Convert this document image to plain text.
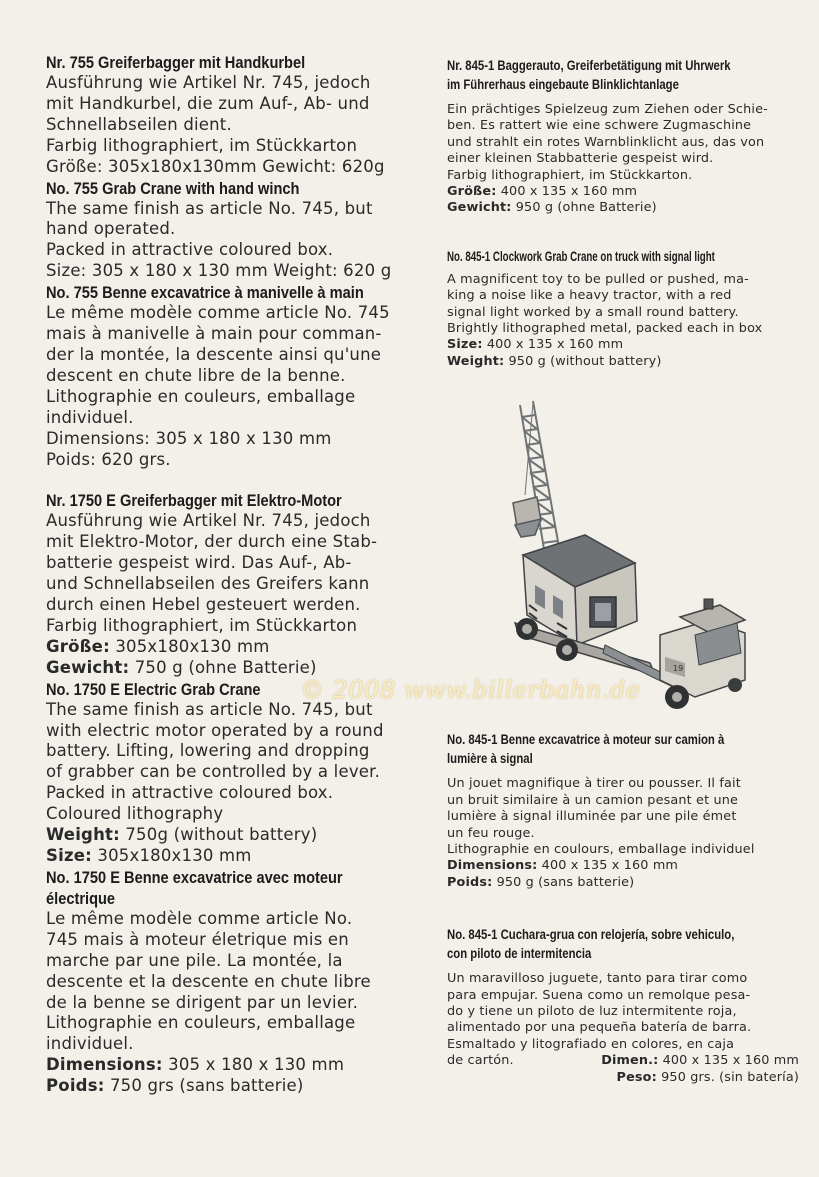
Nr. 755 Greiferbagger mit Handkurbel

Ausführung wie Artikel Nr. 745, jedoch

mit Handkurbel, die zum Auf-, Ab- und

Schnellabseilen dient.

Farbig lithographiert, im Stückkarton

Größe: 305x180x130mm Gewicht: 620g

No. 755 Grab Crane with hand winch

The same finish as article No. 745, but

hand operated.

Packed in attractive coloured box.

Size: 305 x 180 x 130 mm Weight: 620 g

No. 755 Benne excavatrice à manivelle à main

Le même modèle comme article No. 745

mais à manivelle à main pour comman-

der la montée, la descente ainsi qu'une

descent en chute libre de la benne.

Lithographie en couleurs, emballage

individuel.

Dimensions: 305 x 180 x 130 mm

Poids: 620 grs.

Nr. 1750 E Greiferbagger mit Elektro-Motor

Ausführung wie Artikel Nr. 745, jedoch

mit Elektro-Motor, der durch eine Stab-

batterie gespeist wird. Das Auf-, Ab-

und Schnellabseilen des Greifers kann

durch einen Hebel gesteuert werden.

Farbig lithographiert, im Stückkarton

Größe: 305x180x130 mm

Gewicht: 750 g (ohne Batterie)

No. 1750 E Electric Grab Crane

The same finish as article No. 745, but

with electric motor operated by a round

battery. Lifting, lowering and dropping

of grabber can be controlled by a lever.

Packed in attractive coloured box.

Coloured lithography

Weight: 750g (without battery)

Size: 305x180x130 mm

No. 1750 E Benne excavatrice avec moteur électrique

Le même modèle comme article No.

745 mais à moteur életrique mis en

marche par une pile. La montée, la

descente et la descente en chute libre

de la benne se dirigent par un levier.

Lithographie en couleurs, emballage

individuel.

Dimensions: 305 x 180 x 130 mm

Poids: 750 grs (sans batterie)

Nr. 845-1 Baggerauto, Greiferbetätigung mit Uhrwerk
im Führerhaus eingebaute Blinklichtanlage

Ein prächtiges Spielzeug zum Ziehen oder Schie-

ben. Es rattert wie eine schwere Zugmaschine

und strahlt ein rotes Warnblinklicht aus, das von

einer kleinen Stabbatterie gespeist wird.

Farbig lithographiert, im Stückkarton.

Größe: 400 x 135 x 160 mm

Gewicht: 950 g (ohne Batterie)

No. 845-1 Clockwork Grab Crane on truck with signal light

A magnificent toy to be pulled or pushed, ma-

king a noise like a heavy tractor, with a red

signal light worked by a small round battery.

Brightly lithographed metal, packed each in box

Size: 400 x 135 x 160 mm

Weight: 950 g (without battery)

No. 845-1 Benne excavatrice à moteur sur camion à
lumière à signal

Un jouet magnifique à tirer ou pousser. Il fait

un bruit similaire à un camion pesant et une

lumière à signal illuminée par une pile émet

un feu rouge.

Lithographie en coulours, emballage individuel

Dimensions: 400 x 135 x 160 mm

Poids: 950 g (sans batterie)

No. 845-1 Cuchara-grua con relojería, sobre vehiculo,
con piloto de intermitencia

Un maravilloso juguete, tanto para tirar como

para empujar. Suena como un remolque pesa-

do y tiene un piloto de luz intermitente roja,

alimentado por una pequeña batería de barra.

Esmaltado y litografiado en colores, en caja

de cartón.	Dimen.: 400 x 135 x 160 mm

Peso: 950 grs. (sin batería)

19
© 2008 www.billerbahn.de
